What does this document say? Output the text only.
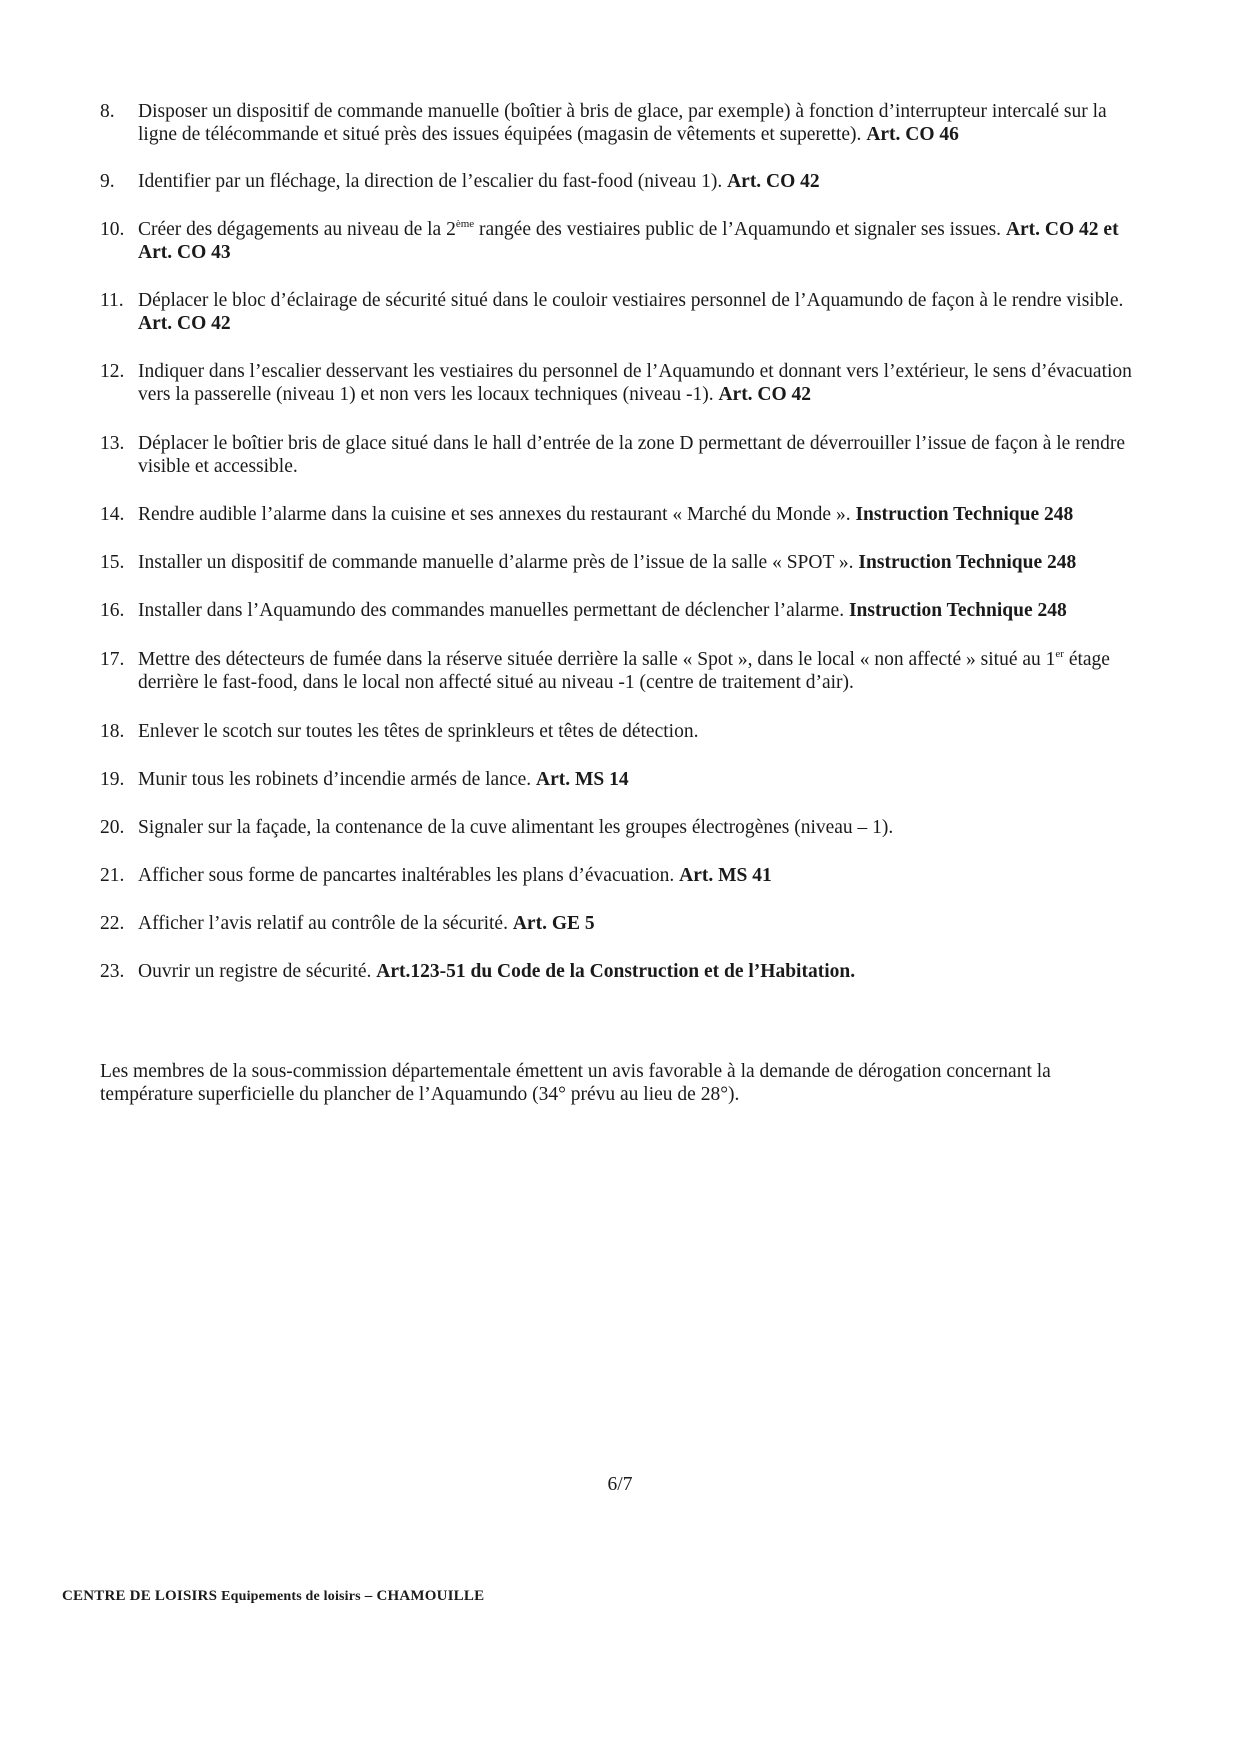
8.	Disposer un dispositif de commande manuelle (boîtier à bris de glace, par exemple) à fonction d’interrupteur intercalé sur la ligne de télécommande et situé près des issues équipées (magasin de vêtements et superette). Art. CO 46
9.	Identifier par un fléchage, la direction de l’escalier du fast-food (niveau 1). Art. CO 42
10. Créer des dégagements au niveau de la 2ème rangée des vestiaires public de l’Aquamundo et signaler ses issues. Art. CO 42 et Art. CO 43
11. Déplacer le bloc d’éclairage de sécurité situé dans le couloir vestiaires personnel de l’Aquamundo de façon à le rendre visible. Art. CO 42
12. Indiquer dans l’escalier desservant les vestiaires du personnel de l’Aquamundo et donnant vers l’extérieur, le sens d’évacuation vers la passerelle (niveau 1) et non vers les locaux techniques (niveau -1). Art. CO 42
13. Déplacer le boîtier bris de glace situé dans le hall d’entrée de la zone D permettant de déverrouiller l’issue de façon à le rendre visible et accessible.
14. Rendre audible l’alarme dans la cuisine et ses annexes du restaurant « Marché du Monde ». Instruction Technique 248
15. Installer un dispositif de commande manuelle d’alarme près de l’issue de la salle « SPOT ». Instruction Technique 248
16. Installer dans l’Aquamundo des commandes manuelles permettant de déclencher l’alarme. Instruction Technique 248
17. Mettre des détecteurs de fumée dans la réserve située derrière la salle « Spot », dans le local « non affecté » situé au 1er étage derrière le fast-food, dans le local non affecté situé au niveau -1 (centre de traitement d’air).
18. Enlever le scotch sur toutes les têtes de sprinkleurs et têtes de détection.
19. Munir tous les robinets d’incendie armés de lance. Art. MS 14
20. Signaler sur la façade, la contenance de la cuve alimentant les groupes électrogènes (niveau – 1).
21. Afficher sous forme de pancartes inaltérables les plans d’évacuation. Art. MS 41
22. Afficher l’avis relatif au contrôle de la sécurité. Art. GE 5
23. Ouvrir un registre de sécurité. Art.123-51 du Code de la Construction et de l’Habitation.
Les membres de la sous-commission départementale émettent un avis favorable à la demande de dérogation concernant la température superficielle du plancher de l’Aquamundo (34° prévu au lieu de 28°).
6/7
CENTRE DE LOISIRS Equipements de loisirs – CHAMOUILLE
